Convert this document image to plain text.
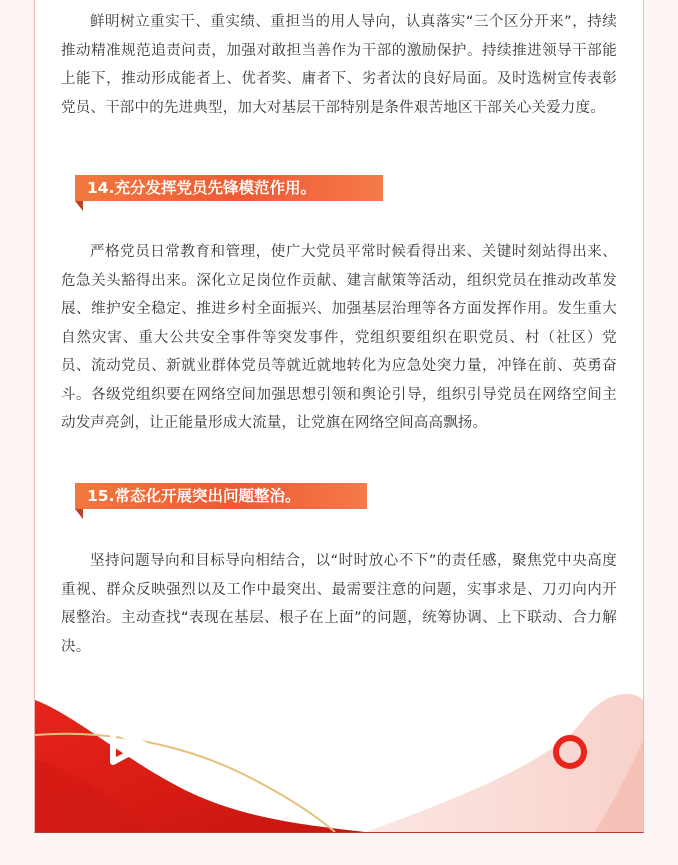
鲜明树立重实干、重实绩、重担当的用人导向，认真落实“三个区分开来”，持续推动精准规范追责问责，加强对敢担当善作为干部的激励保护。持续推进领导干部能上能下，推动形成能者上、优者奖、庸者下、劣者汰的良好局面。及时选树宣传表彰党员、干部中的先进典型，加大对基层干部特别是条件艰苦地区干部关心关爱力度。

14.充分发挥党员先锋模范作用。

严格党员日常教育和管理，使广大党员平常时候看得出来、关键时刻站得出来、危急关头豁得出来。深化立足岗位作贡献、建言献策等活动，组织党员在推动改革发展、维护安全稳定、推进乡村全面振兴、加强基层治理等各方面发挥作用。发生重大自然灾害、重大公共安全事件等突发事件，党组织要组织在职党员、村（社区）党员、流动党员、新就业群体党员等就近就地转化为应急处突力量，冲锋在前、英勇奋斗。各级党组织要在网络空间加强思想引领和舆论引导，组织引导党员在网络空间主动发声亮剑，让正能量形成大流量，让党旗在网络空间高高飘扬。

15.常态化开展突出问题整治。

坚持问题导向和目标导向相结合，以“时时放心不下”的责任感，聚焦党中央高度重视、群众反映强烈以及工作中最突出、最需要注意的问题，实事求是、刀刃向内开展整治。主动查找“表现在基层、根子在上面”的问题，统筹协调、上下联动、合力解决。
